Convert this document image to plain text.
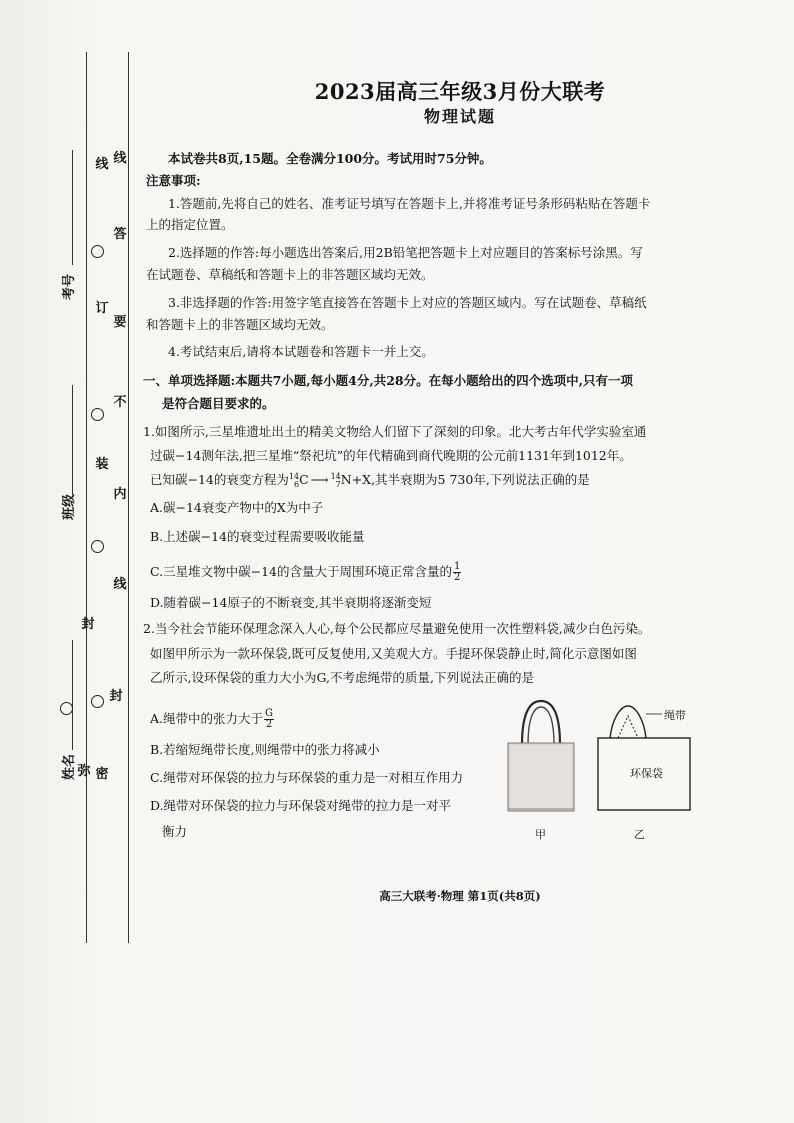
考号
班级
姓名 弥
封
装
订
线
密
封
线
答
要
不
内
线
2023届高三年级3月份大联考
物理试题
本试卷共8页,15题。全卷满分100分。考试用时75分钟。
注意事项:
1.答题前,先将自己的姓名、准考证号填写在答题卡上,并将准考证号条形码粘贴在答题卡
上的指定位置。
2.选择题的作答:每小题选出答案后,用2B铅笔把答题卡上对应题目的答案标号涂黑。写
在试题卷、草稿纸和答题卡上的非答题区域均无效。
3.非选择题的作答:用签字笔直接答在答题卡上对应的答题区域内。写在试题卷、草稿纸
和答题卡上的非答题区域均无效。
4.考试结束后,请将本试题卷和答题卡一并上交。
一、单项选择题:本题共7小题,每小题4分,共28分。在每小题给出的四个选项中,只有一项
是符合题目要求的。
1.如图所示,三星堆遗址出土的精美文物给人们留下了深刻的印象。北大考古年代学实验室通
过碳−14测年法,把三星堆“祭祀坑”的年代精确到商代晚期的公元前1131年到1012年。
已知碳−14的衰变方程为 14
6 C ⟶ 14
7 N+X,其半衰期为5 730年,下列说法正确的是
A.碳−14衰变产物中的X为中子
B.上述碳−14的衰变过程需要吸收能量
C.三星堆文物中碳−14的含量大于周围环境正常含量的 $\frac{1}{2}$
D.随着碳−14原子的不断衰变,其半衰期将逐渐变短
2.当今社会节能环保理念深入人心,每个公民都应尽量避免使用一次性塑料袋,减少白色污染。
如图甲所示为一款环保袋,既可反复使用,又美观大方。手提环保袋静止时,简化示意图如图
乙所示,设环保袋的重力大小为G,不考虑绳带的质量,下列说法正确的是
A.绳带中的张力大于 $\frac{G}{2}$
B.若缩短绳带长度,则绳带中的张力将减小
C.绳带对环保袋的拉力与环保袋的重力是一对相互作用力
D.绳带对环保袋的拉力与环保袋对绳带的拉力是一对平
衡力	甲
绳带
环保袋
乙
高三大联考·物理 第1页(共8页)
